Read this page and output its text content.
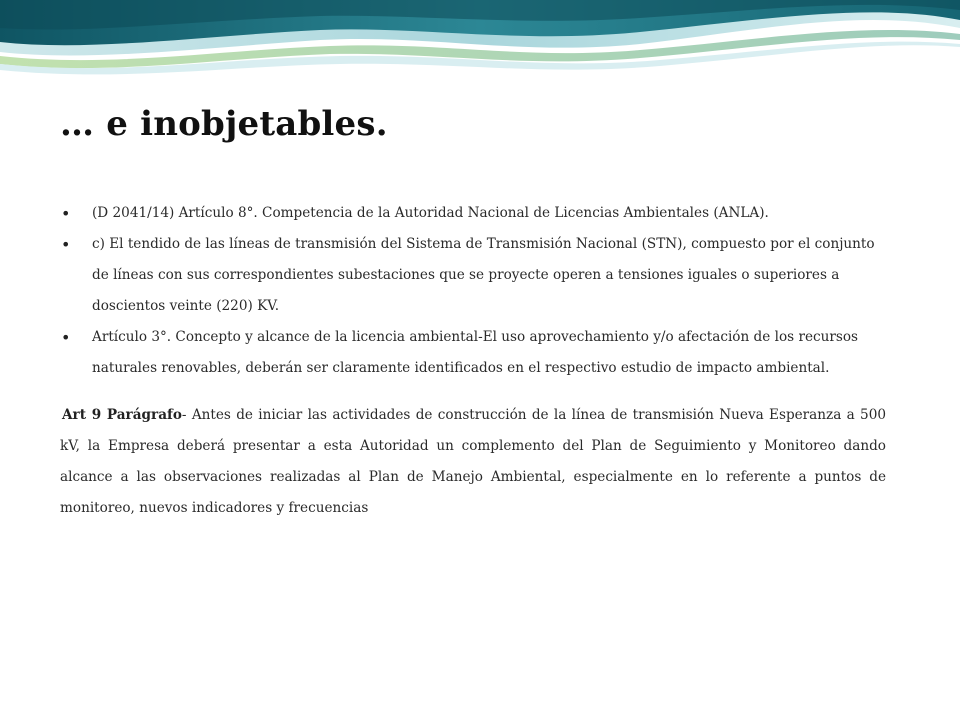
… e inobjetables.
• (D 2041/14) Artículo 8°. Competencia de la Autoridad Nacional de Licencias Ambientales (ANLA).
• c) El tendido de las líneas de transmisión del Sistema de Transmisión Nacional (STN), compuesto por el conjunto de líneas con sus correspondientes subestaciones que se proyecte operen a tensiones iguales o superiores a doscientos veinte (220) KV.
• Artículo 3°. Concepto y alcance de la licencia ambiental-El uso aprovechamiento y/o afectación de los recursos naturales renovables, deberán ser claramente identificados en el respectivo estudio de impacto ambiental.

Art 9 Parágrafo- Antes de iniciar las actividades de construcción de la línea de transmisión Nueva Esperanza a 500 kV, la Empresa deberá presentar a esta Autoridad un complemento del Plan de Seguimiento y Monitoreo dando alcance a las observaciones realizadas al Plan de Manejo Ambiental, especialmente en lo referente a puntos de monitoreo, nuevos indicadores y frecuencias
